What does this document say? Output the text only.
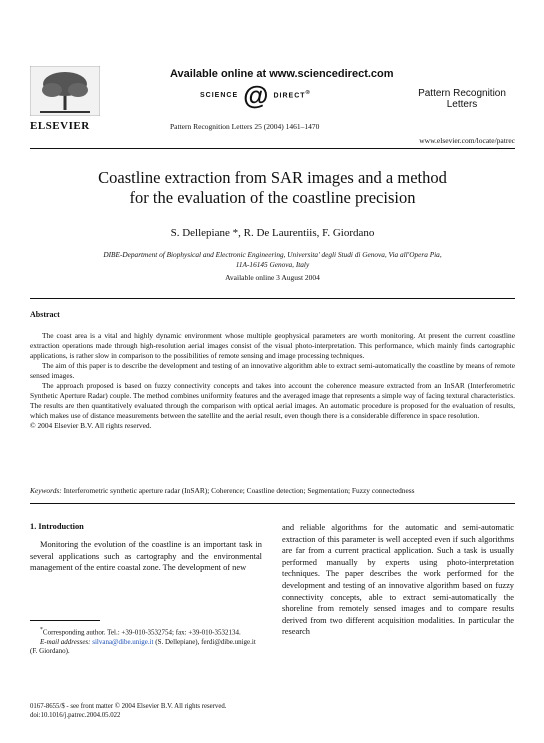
ELSEVIER
Available online at www.sciencedirect.com
SCIENCE @ DIRECT®
Pattern Recognition Letters 25 (2004) 1461–1470
Pattern Recognition
Letters
www.elsevier.com/locate/patrec
Coastline extraction from SAR images and a method
for the evaluation of the coastline precision
S. Dellepiane *, R. De Laurentiis, F. Giordano
DIBE-Department of Biophysical and Electronic Engineering, Universita' degli Studi di Genova, Via all'Opera Pia,
11A-16145 Genova, Italy
Available online 3 August 2004
Abstract

The coast area is a vital and highly dynamic environment whose multiple geophysical parameters are worth monitoring. At present the current coastline extraction operations made through high-resolution aerial images consist of the visual photo-interpretation. This performance, which mainly finds cartographic applications, is rather slow in comparison to the possibilities of remote sensing and image processing techniques.

The aim of this paper is to describe the development and testing of an innovative algorithm able to extract semi-automatically the coastline by means of remote sensed images.

The approach proposed is based on fuzzy connectivity concepts and takes into account the coherence measure extracted from an InSAR (Interferometric Synthetic Aperture Radar) couple. The method combines uniformity features and the averaged image that represents a simple way of facing textural characteristics. The results are then quantitatively evaluated through the comparison with optical aerial images. An automatic procedure is proposed for the evaluation of results, which makes use of distance measurements between the satellite and the aerial result, even though there is a considerable difference in space resolution.

© 2004 Elsevier B.V. All rights reserved.

Keywords: Interferometric synthetic aperture radar (InSAR); Coherence; Coastline detection; Segmentation; Fuzzy connectedness
1. Introduction

Monitoring the evolution of the coastline is an important task in several applications such as cartography and the environmental management of the entire coastal zone. The development of new

and reliable algorithms for the automatic and semi-automatic extraction of this parameter is well accepted even if such algorithms are far from a current practical application. Such a task is usually performed manually by experts using photo-interpretation techniques. The paper describes the work performed for the development and testing of an innovative algorithm based on fuzzy connectivity concepts, able to extract semi-automatically the shoreline from remotely sensed images and to compare results derived from two different acquisition modalities. In particular the research

*Corresponding author. Tel.: +39-010-3532754; fax: +39-010-3532134.

E-mail addresses: silvana@dibe.unige.it (S. Dellepiane), ferdi@dibe.unige.it (F. Giordano).

0167-8655/$ - see front matter © 2004 Elsevier B.V. All rights reserved.
doi:10.1016/j.patrec.2004.05.022
